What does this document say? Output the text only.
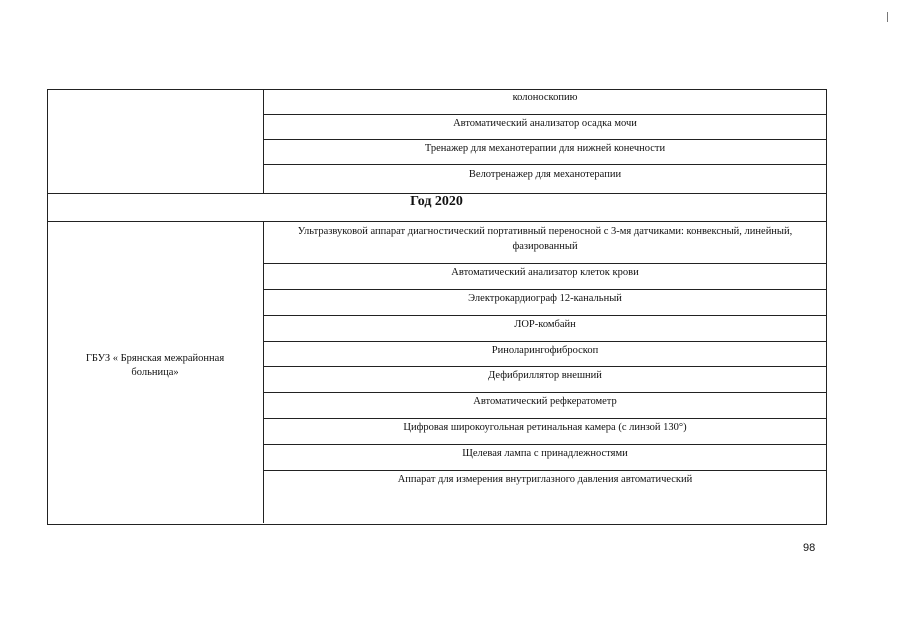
колоноскопию
Автоматический анализатор осадка мочи
Тренажер для механотерапии для нижней конечности
Велотренажер для механотерапии
Год 2020
ГБУЗ « Брянская межрайонная больница»
Ультразвуковой аппарат диагностический портативный переносной с 3-мя датчиками: конвексный, линейный, фазированный
Автоматический анализатор клеток крови
Электрокардиограф 12-канальный
ЛОР-комбайн
Риноларингофиброскоп
Дефибриллятор внешний
Автоматический рефкератометр
Цифровая широкоугольная ретинальная камера (с линзой 130°)
Щелевая лампа с принадлежностями
Аппарат для измерения внутриглазного давления автоматический
98
